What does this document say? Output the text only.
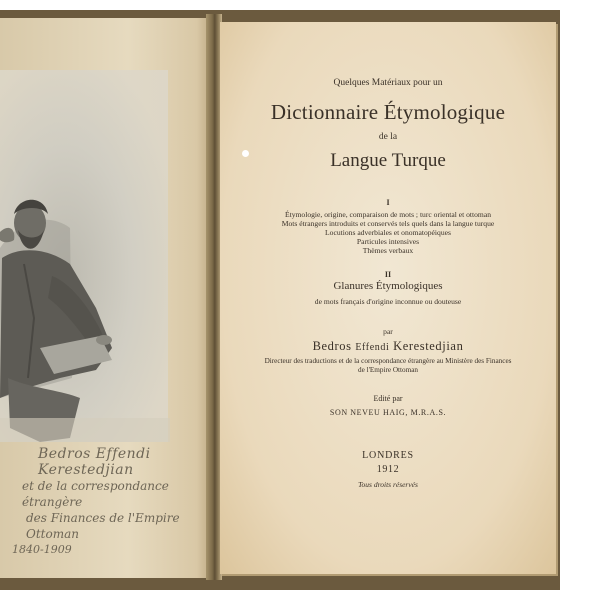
Bedros Effendi Kerestedjian
et de la correspondance étrangère
des Finances de l'Empire Ottoman
1840-1909
Quelques Matériaux pour un
Dictionnaire Étymologique
de la
Langue Turque
I
Étymologie, origine, comparaison de mots ; turc oriental et ottoman
Mots étrangers introduits et conservés tels quels dans la langue turque
Locutions adverbiales et onomatopéiques
Particules intensives
Thèmes verbaux
II
Glanures Étymologiques
de mots français d'origine inconnue ou douteuse
par
Bedros Effendi Kerestedjian
Directeur des traductions et de la correspondance étrangère au Ministère des Finances
de l'Empire Ottoman
Edité par
SON NEVEU HAIG, M.R.A.S.
LONDRES
1912
Tous droits réservés
